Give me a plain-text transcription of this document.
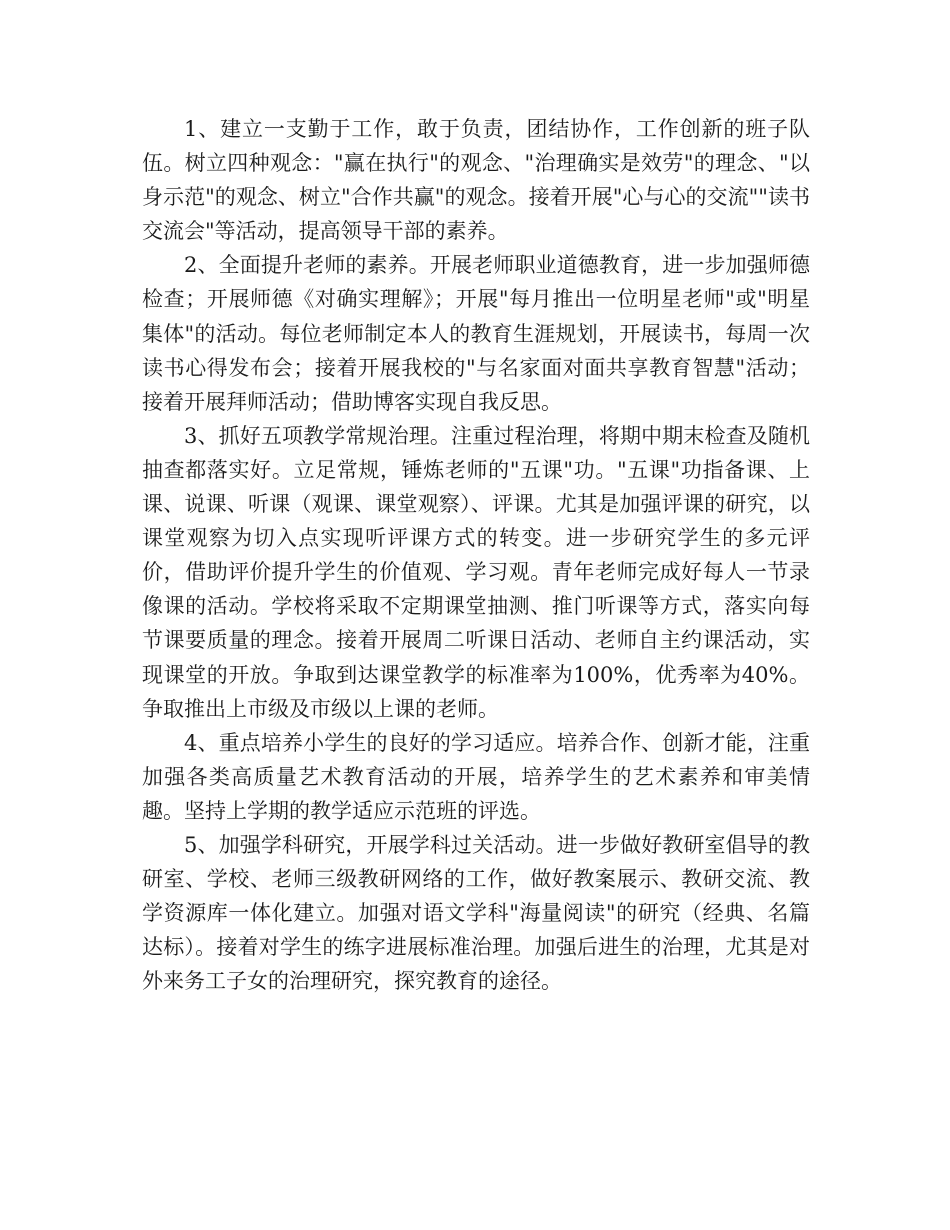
1、建立一支勤于工作，敢于负责，团结协作，工作创新的班子队伍。树立四种观念："赢在执行"的观念、"治理确实是效劳"的理念、"以身示范"的观念、树立"合作共赢"的观念。接着开展"心与心的交流""读书交流会"等活动，提高领导干部的素养。

2、全面提升老师的素养。开展老师职业道德教育，进一步加强师德检查；开展师德《对确实理解》；开展"每月推出一位明星老师"或"明星集体"的活动。每位老师制定本人的教育生涯规划，开展读书，每周一次读书心得发布会；接着开展我校的"与名家面对面共享教育智慧"活动；接着开展拜师活动；借助博客实现自我反思。

3、抓好五项教学常规治理。注重过程治理，将期中期末检查及随机抽查都落实好。立足常规，锤炼老师的"五课"功。"五课"功指备课、上课、说课、听课（观课、课堂观察）、评课。尤其是加强评课的研究，以课堂观察为切入点实现听评课方式的转变。进一步研究学生的多元评价，借助评价提升学生的价值观、学习观。青年老师完成好每人一节录像课的活动。学校将采取不定期课堂抽测、推门听课等方式，落实向每节课要质量的理念。接着开展周二听课日活动、老师自主约课活动，实现课堂的开放。争取到达课堂教学的标准率为100%，优秀率为40%。争取推出上市级及市级以上课的老师。

4、重点培养小学生的良好的学习适应。培养合作、创新才能，注重加强各类高质量艺术教育活动的开展，培养学生的艺术素养和审美情趣。坚持上学期的教学适应示范班的评选。

5、加强学科研究，开展学科过关活动。进一步做好教研室倡导的教研室、学校、老师三级教研网络的工作，做好教案展示、教研交流、教学资源库一体化建立。加强对语文学科"海量阅读"的研究（经典、名篇达标）。接着对学生的练字进展标准治理。加强后进生的治理，尤其是对外来务工子女的治理研究，探究教育的途径。
